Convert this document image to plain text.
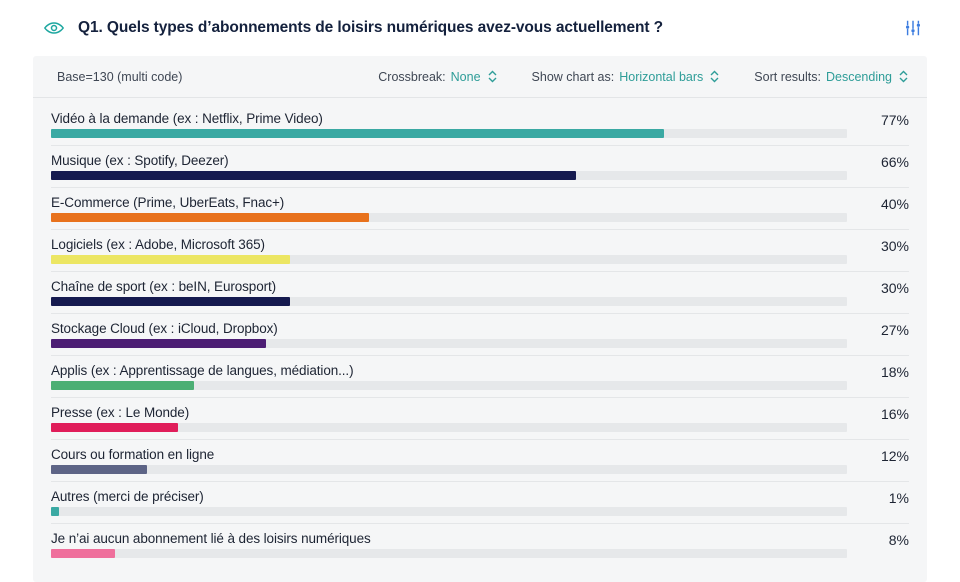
Q1. Quels types d’abonnements de loisirs numériques avez-vous actuellement ?
Base=130 (multi code)	Crossbreak: None	Show chart as: Horizontal bars	Sort results: Descending
Vidéo à la demande (ex : Netflix, Prime Video)	77%
Musique (ex : Spotify, Deezer)	66%
E-Commerce (Prime, UberEats, Fnac+)	40%
Logiciels (ex : Adobe, Microsoft 365)	30%
Chaîne de sport (ex : beIN, Eurosport)	30%
Stockage Cloud (ex : iCloud, Dropbox)	27%
Applis (ex : Apprentissage de langues, médiation...)	18%
Presse (ex : Le Monde)	16%
Cours ou formation en ligne	12%
Autres (merci de préciser)	1%
Je n’ai aucun abonnement lié à des loisirs numériques	8%
